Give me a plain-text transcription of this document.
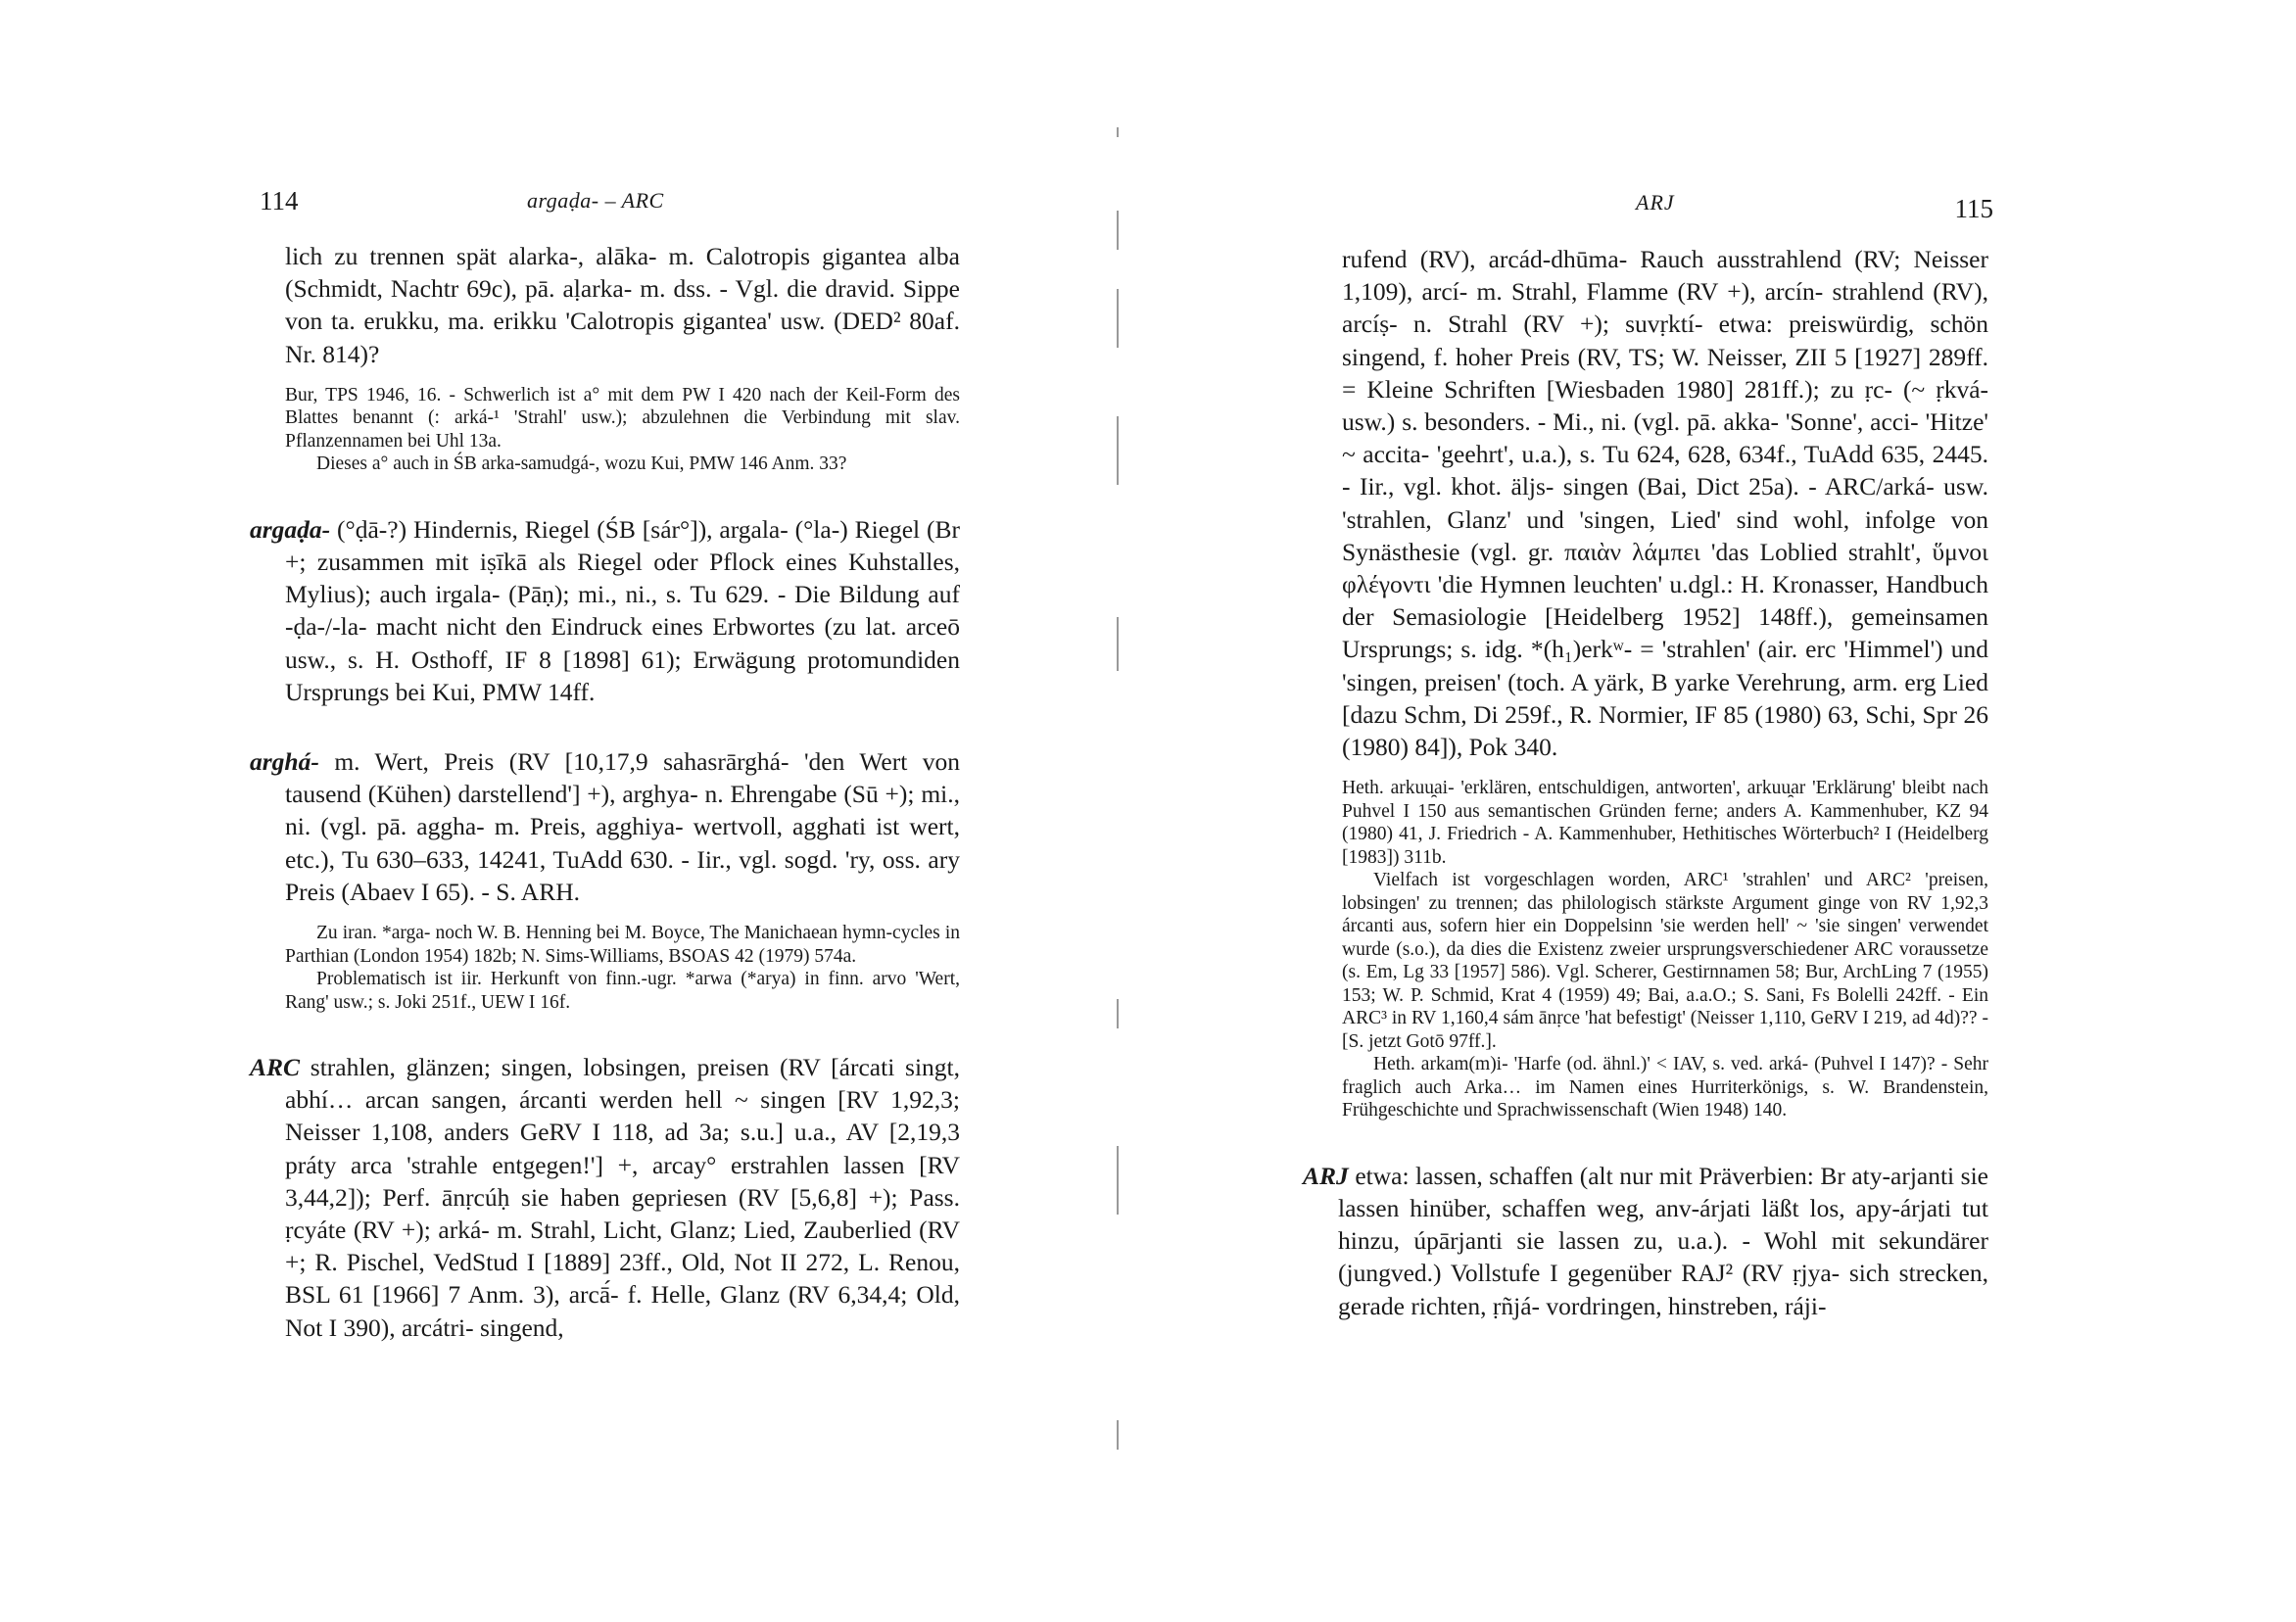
114	argaḍa- – ARC

lich zu trennen spät alarka-, alāka- m. Calotropis gigantea alba (Schmidt, Nachtr 69c), pā. aḷarka- m. dss. - Vgl. die dravid. Sippe von ta. erukku, ma. erikku 'Calotropis gigantea' usw. (DED² 80af. Nr. 814)?

Bur, TPS 1946, 16. - Schwerlich ist a° mit dem PW I 420 nach der Keil-Form des Blattes benannt (: arká-¹ 'Strahl' usw.); abzulehnen die Verbindung mit slav. Pflanzennamen bei Uhl 13a.

Dieses a° auch in ŚB arka-samudgá-, wozu Kui, PMW 146 Anm. 33?

argaḍa- (°ḍā-?) Hindernis, Riegel (ŚB [sár°]), argala- (°la-) Riegel (Br +; zusammen mit iṣīkā als Riegel oder Pflock eines Kuhstalles, Mylius); auch irgala- (Pāṇ); mi., ni., s. Tu 629. - Die Bildung auf -ḍa-/-la- macht nicht den Eindruck eines Erbwortes (zu lat. arceō usw., s. H. Osthoff, IF 8 [1898] 61); Erwägung protomundiden Ursprungs bei Kui, PMW 14ff.

arghá- m. Wert, Preis (RV [10,17,9 sahasrārghá- 'den Wert von tausend (Kühen) darstellend'] +), arghya- n. Ehrengabe (Sū +); mi., ni. (vgl. pā. aggha- m. Preis, agghiya- wertvoll, agghati ist wert, etc.), Tu 630–633, 14241, TuAdd 630. - Iir., vgl. sogd. 'ry, oss. ary Preis (Abaev I 65). - S. ARH.

Zu iran. *arga- noch W. B. Henning bei M. Boyce, The Manichaean hymn-cycles in Parthian (London 1954) 182b; N. Sims-Williams, BSOAS 42 (1979) 574a.

Problematisch ist iir. Herkunft von finn.-ugr. *arwa (*arya) in finn. arvo 'Wert, Rang' usw.; s. Joki 251f., UEW I 16f.

ARC strahlen, glänzen; singen, lobsingen, preisen (RV [árcati singt, abhí… arcan sangen, árcanti werden hell ~ singen [RV 1,92,3; Neisser 1,108, anders GeRV I 118, ad 3a; s.u.] u.a., AV [2,19,3 práty arca 'strahle entgegen!'] +, arcay° erstrahlen lassen [RV 3,44,2]); Perf. ānṛcúḥ sie haben gepriesen (RV [5,6,8] +); Pass. ṛcyáte (RV +); arká- m. Strahl, Licht, Glanz; Lied, Zauberlied (RV +; R. Pischel, VedStud I [1889] 23ff., Old, Not II 272, L. Renou, BSL 61 [1966] 7 Anm. 3), arcā́- f. Helle, Glanz (RV 6,34,4; Old, Not I 390), arcátri- singend,

ARJ	115

rufend (RV), arcád-dhūma- Rauch ausstrahlend (RV; Neisser 1,109), arcí- m. Strahl, Flamme (RV +), arcín- strahlend (RV), arcíṣ- n. Strahl (RV +); suvṛktí- etwa: preiswürdig, schön singend, f. hoher Preis (RV, TS; W. Neisser, ZII 5 [1927] 289ff. = Kleine Schriften [Wiesbaden 1980] 281ff.); zu ṛc- (~ ṛkvá- usw.) s. besonders. - Mi., ni. (vgl. pā. akka- 'Sonne', acci- 'Hitze' ~ accita- 'geehrt', u.a.), s. Tu 624, 628, 634f., TuAdd 635, 2445. - Iir., vgl. khot. äljs- singen (Bai, Dict 25a). - ARC/arká- usw. 'strahlen, Glanz' und 'singen, Lied' sind wohl, infolge von Synästhesie (vgl. gr. παιὰν λάμπει 'das Loblied strahlt', ὕμνοι φλέγοντι 'die Hymnen leuchten' u.dgl.: H. Kronasser, Handbuch der Semasiologie [Heidelberg 1952] 148ff.), gemeinsamen Ursprungs; s. idg. *(h₁)erkʷ- = 'strahlen' (air. erc 'Himmel') und 'singen, preisen' (toch. A yärk, B yarke Verehrung, arm. erg Lied [dazu Schm, Di 259f., R. Normier, IF 85 (1980) 63, Schi, Spr 26 (1980) 84]), Pok 340.

Heth. arkuu̯ai- 'erklären, entschuldigen, antworten', arkuu̯ar 'Erklärung' bleibt nach Puhvel I 150 aus semantischen Gründen ferne; anders A. Kammenhuber, KZ 94 (1980) 41, J. Friedrich - A. Kammenhuber, Hethitisches Wörterbuch² I (Heidelberg [1983]) 311b.

Vielfach ist vorgeschlagen worden, ARC¹ 'strahlen' und ARC² 'preisen, lobsingen' zu trennen; das philologisch stärkste Argument ginge von RV 1,92,3 árcanti aus, sofern hier ein Doppelsinn 'sie werden hell' ~ 'sie singen' verwendet wurde (s.o.), da dies die Existenz zweier ursprungsverschiedener ARC voraussetze (s. Em, Lg 33 [1957] 586). Vgl. Scherer, Gestirnnamen 58; Bur, ArchLing 7 (1955) 153; W. P. Schmid, Krat 4 (1959) 49; Bai, a.a.O.; S. Sani, Fs Bolelli 242ff. - Ein ARC³ in RV 1,160,4 sám ānṛce 'hat befestigt' (Neisser 1,110, GeRV I 219, ad 4d)?? - [S. jetzt Gotō 97ff.].

Heth. arkam(m)i- 'Harfe (od. ähnl.)' < IAV, s. ved. arká- (Puhvel I 147)? - Sehr fraglich auch Arka… im Namen eines Hurriterkönigs, s. W. Brandenstein, Frühgeschichte und Sprachwissenschaft (Wien 1948) 140.

ARJ etwa: lassen, schaffen (alt nur mit Präverbien: Br aty-arjanti sie lassen hinüber, schaffen weg, anv-árjati läßt los, apy-árjati tut hinzu, úpārjanti sie lassen zu, u.a.). - Wohl mit sekundärer (jungved.) Vollstufe I gegenüber RAJ² (RV ṛjya- sich strecken, gerade richten, ṛñjá- vordringen, hinstreben, ráji-
